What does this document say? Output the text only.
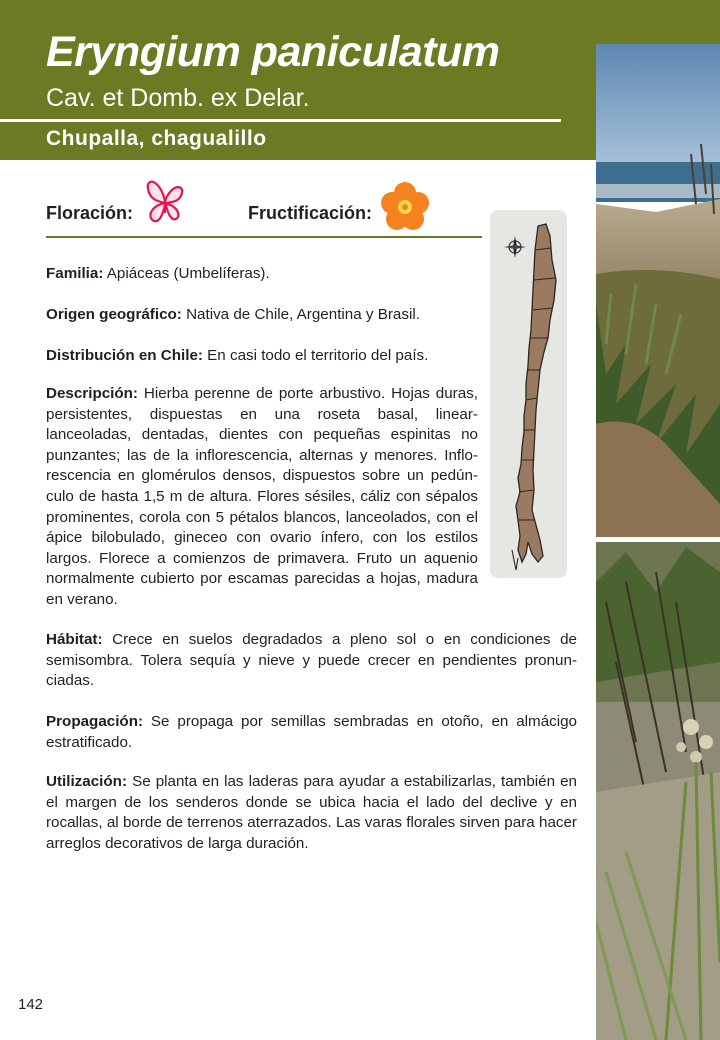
Eryngium paniculatum
Cav. et Domb. ex Delar.
Chupalla, chagualillo
Floración:	Fructificación:
Familia: Apiáceas (Umbelíferas).
Origen geográfico: Nativa de Chile, Argentina y Brasil.
Distribución en Chile: En casi todo el territorio del país.
Descripción: Hierba perenne de porte arbustivo. Hojas duras, persistentes, dispuestas en una roseta basal, linear-lanceoladas, dentadas, dientes con pequeñas espinitas no punzantes; las de la inflorescencia, alternas y menores. Inflorescencia en glomérulos densos, dispuestos sobre un pedúnculo de hasta 1,5 m de altura. Flores sésiles, cáliz con sépalos prominentes, corola con 5 pétalos blancos, lanceolados, con el ápice bilobulado, gineceo con ovario ínfero, con los estilos largos. Florece a comienzos de primavera. Fruto un aquenio normalmente cubierto por escamas parecidas a hojas, madura en verano.
Hábitat: Crece en suelos degradados a pleno sol o en condiciones de semisombra. Tolera sequía y nieve y puede crecer en pendientes pronunciadas.
Propagación: Se propaga por semillas sembradas en otoño, en almácigo estratificado.
Utilización: Se planta en las laderas para ayudar a estabilizarlas, también en el margen de los senderos donde se ubica hacia el lado del declive y en rocallas, al borde de terrenos aterrazados. Las varas florales sirven para hacer arreglos decorativos de larga duración.
142
